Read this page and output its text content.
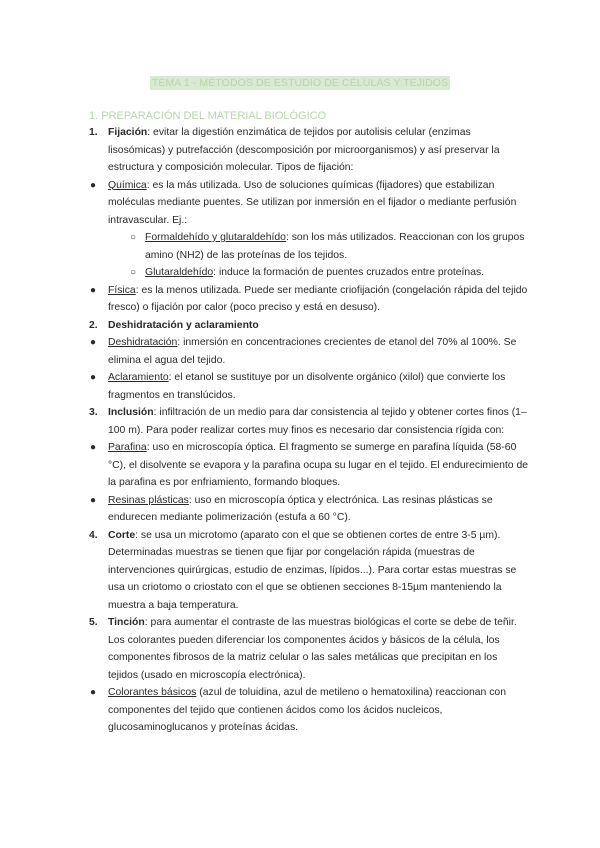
TEMA 1 - MÉTODOS DE ESTUDIO DE CÉLULAS Y TEJIDOS
1. PREPARACIÓN DEL MATERIAL BIOLÓGICO
1. Fijación: evitar la digestión enzimática de tejidos por autolisis celular (enzimas lisosómicas) y putrefacción (descomposición por microorganismos) y así preservar la estructura y composición molecular. Tipos de fijación:
● Química: es la más utilizada. Uso de soluciones químicas (fijadores) que estabilizan moléculas mediante puentes. Se utilizan por inmersión en el fijador o mediante perfusión intravascular. Ej.:
○ Formaldehído y glutaraldehído: son los más utilizados. Reaccionan con los grupos amino (NH2) de las proteínas de los tejidos.
○ Glutaraldehído: induce la formación de puentes cruzados entre proteínas.
● Física: es la menos utilizada. Puede ser mediante criofijación (congelación rápida del tejido fresco) o fijación por calor (poco preciso y está en desuso).
2. Deshidratación y aclaramiento
● Deshidratación: inmersión en concentraciones crecientes de etanol del 70% al 100%. Se elimina el agua del tejido.
● Aclaramiento: el etanol se sustituye por un disolvente orgánico (xilol) que convierte los fragmentos en translúcidos.
3. Inclusión: infiltración de un medio para dar consistencia al tejido y obtener cortes finos (1– 100 m). Para poder realizar cortes muy finos es necesario dar consistencia rígida con:
● Parafina: uso en microscopía óptica. El fragmento se sumerge en parafina líquida (58-60 °C), el disolvente se evapora y la parafina ocupa su lugar en el tejido. El endurecimiento de la parafina es por enfriamiento, formando bloques.
● Resinas plásticas: uso en microscopía óptica y electrónica. Las resinas plásticas se endurecen mediante polimerización (estufa a 60 °C).
4. Corte: se usa un microtomo (aparato con el que se obtienen cortes de entre 3-5 µm). Determinadas muestras se tienen que fijar por congelación rápida (muestras de intervenciones quirúrgicas, estudio de enzimas, lípidos...). Para cortar estas muestras se usa un criotomo o criostato con el que se obtienen secciones 8-15µm manteniendo la muestra a baja temperatura.
5. Tinción: para aumentar el contraste de las muestras biológicas el corte se debe de teñir. Los colorantes pueden diferenciar los componentes ácidos y básicos de la célula, los componentes fibrosos de la matriz celular o las sales metálicas que precipitan en los tejidos (usado en microscopía electrónica).
● Colorantes básicos (azul de toluidina, azul de metileno o hematoxilina) reaccionan con componentes del tejido que contienen ácidos como los ácidos nucleicos, glucosaminoglucanos y proteínas ácidas.
